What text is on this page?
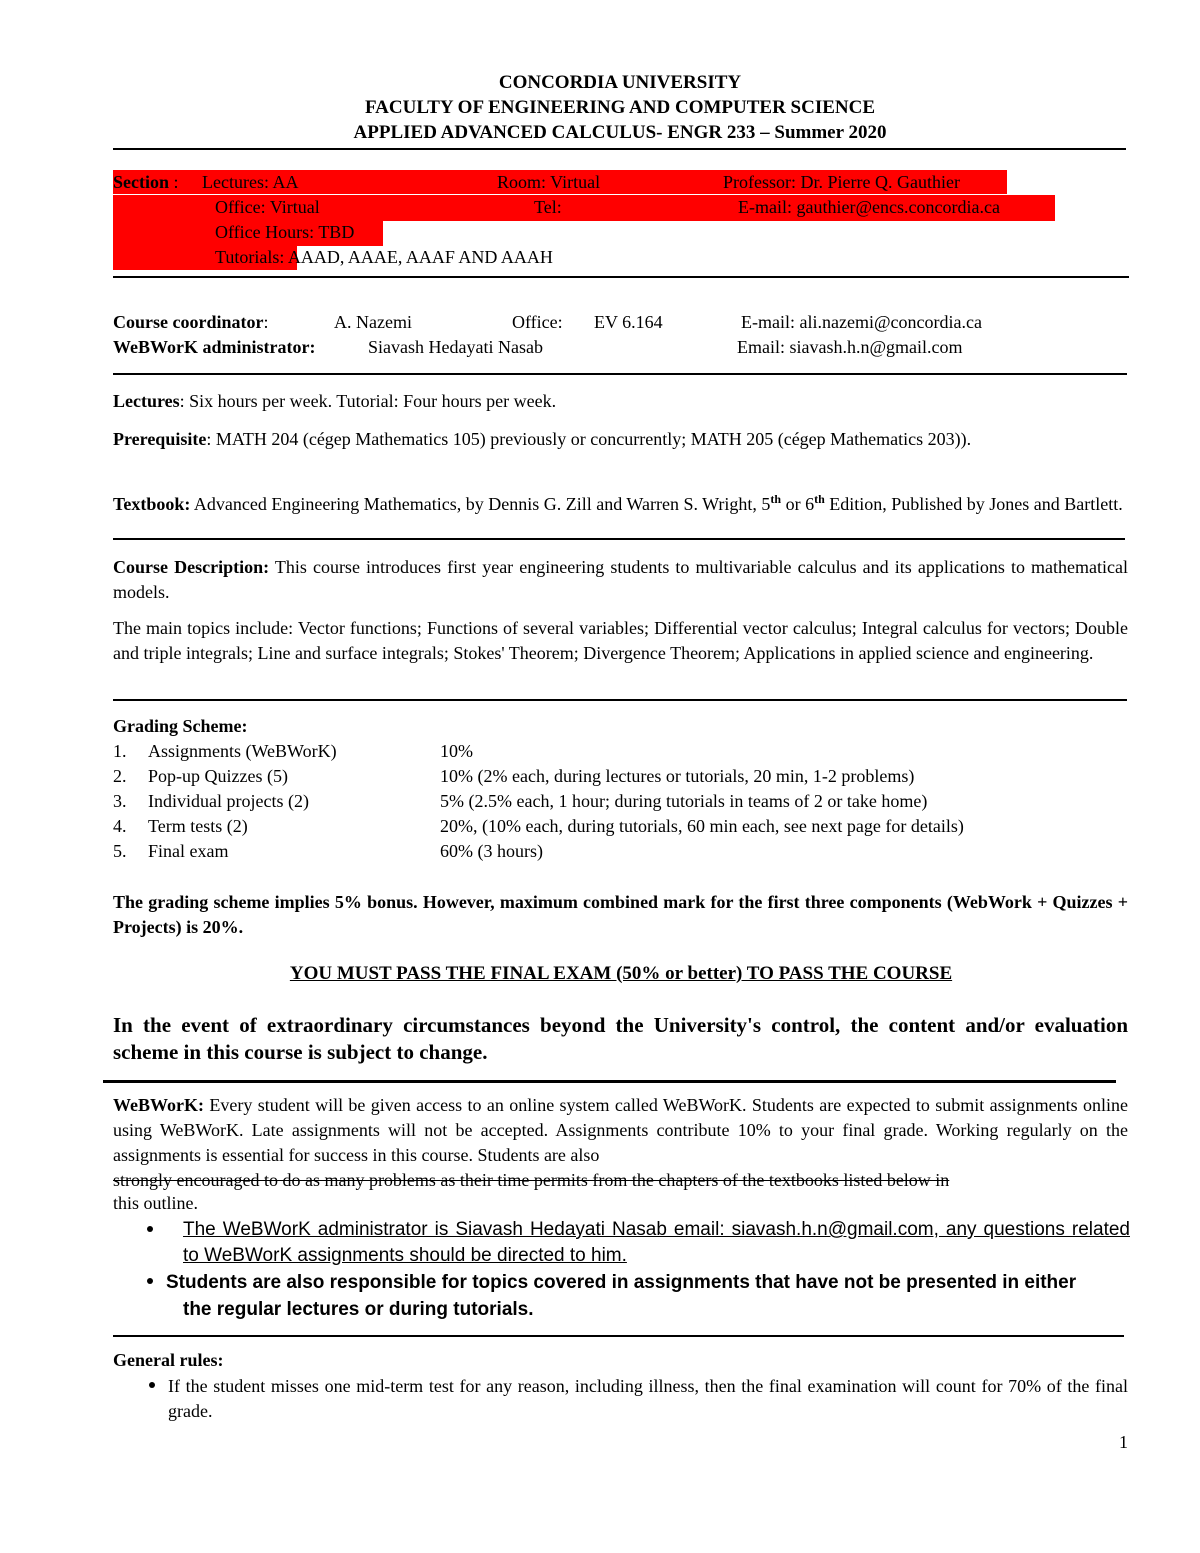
CONCORDIA UNIVERSITY
FACULTY OF ENGINEERING AND COMPUTER SCIENCE
APPLIED ADVANCED CALCULUS- ENGR 233 – Summer 2020
Section : Lectures: AA	Room: Virtual	Professor: Dr. Pierre Q. Gauthier
Office: Virtual	Tel:	E-mail: gauthier@encs.concordia.ca
Office Hours: TBD
Tutorials: AAAD, AAAE, AAAF AND AAAH
Course coordinator:	A. Nazemi	Office: EV 6.164	E-mail: ali.nazemi@concordia.ca
WeBWorK administrator:	Siavash Hedayati Nasab	Email: siavash.h.n@gmail.com
Lectures: Six hours per week. Tutorial: Four hours per week.
Prerequisite: MATH 204 (cégep Mathematics 105) previously or concurrently; MATH 205 (cégep Mathematics 203)).
Textbook: Advanced Engineering Mathematics, by Dennis G. Zill and Warren S. Wright, 5th or 6th Edition, Published by Jones and Bartlett.
Course Description: This course introduces first year engineering students to multivariable calculus and its applications to mathematical models.
The main topics include: Vector functions; Functions of several variables; Differential vector calculus; Integral calculus for vectors; Double and triple integrals; Line and surface integrals; Stokes' Theorem; Divergence Theorem; Applications in applied science and engineering.
Grading Scheme:
1. Assignments (WeBWorK)	10%
2. Pop-up Quizzes (5)	10% (2% each, during lectures or tutorials, 20 min, 1-2 problems)
3. Individual projects (2)	5% (2.5% each, 1 hour; during tutorials in teams of 2 or take home)
4. Term tests (2)	20%, (10% each, during tutorials, 60 min each, see next page for details)
5. Final exam	60% (3 hours)
The grading scheme implies 5% bonus. However, maximum combined mark for the first three components (WebWork + Quizzes + Projects) is 20%.
YOU MUST PASS THE FINAL EXAM (50% or better) TO PASS THE COURSE
In the event of extraordinary circumstances beyond the University's control, the content and/or evaluation scheme in this course is subject to change.
WeBWorK: Every student will be given access to an online system called WeBWorK. Students are expected to submit assignments online using WeBWorK. Late assignments will not be accepted. Assignments contribute 10% to your final grade. Working regularly on the assignments is essential for success in this course. Students are also
strongly encouraged to do as many problems as their time permits from the chapters of the textbooks listed below in
this outline.
The WeBWorK administrator is Siavash Hedayati Nasab email: siavash.h.n@gmail.com, any questions related to WeBWorK assignments should be directed to him.
Students are also responsible for topics covered in assignments that have not be presented in either the regular lectures or during tutorials.
General rules:
If the student misses one mid-term test for any reason, including illness, then the final examination will count for 70% of the final grade.
1
